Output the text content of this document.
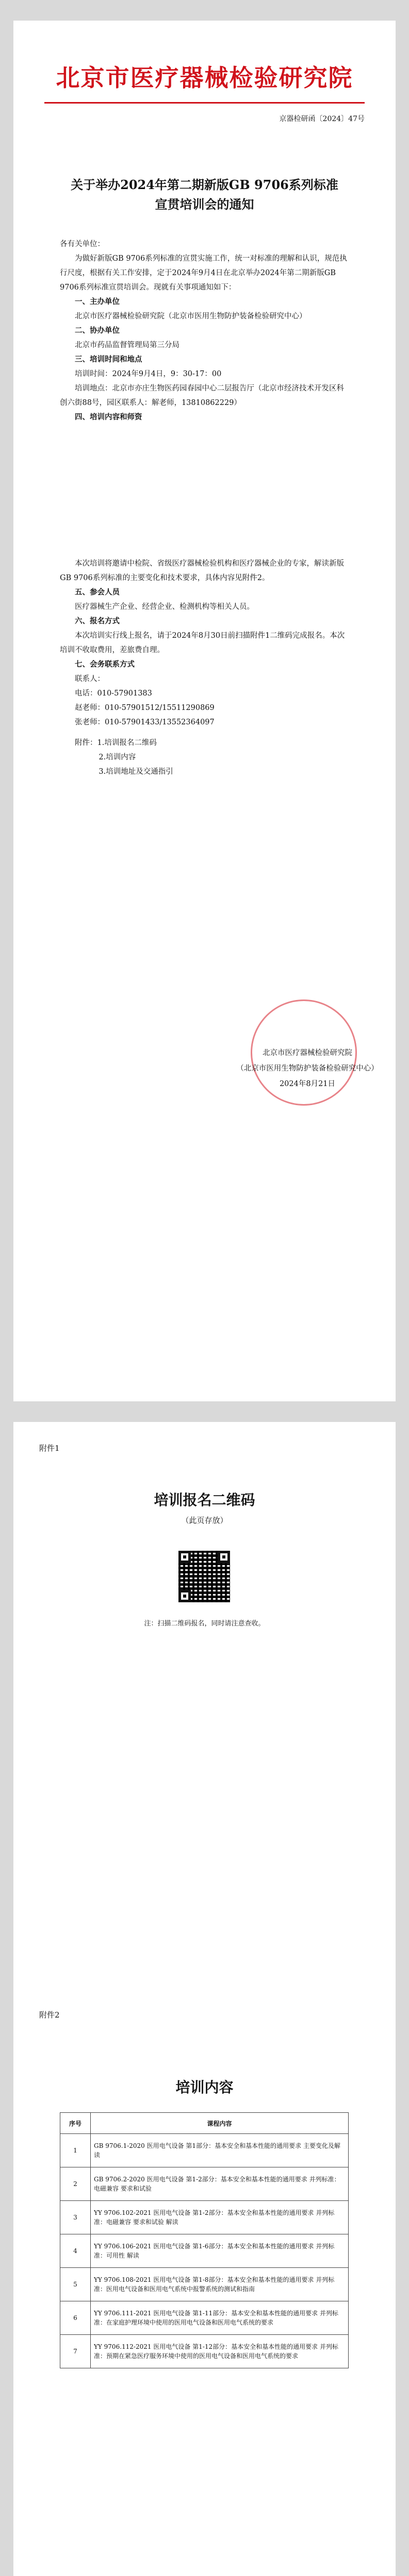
北京市医疗器械检验研究院
京器检研函〔2024〕47号
关于举办2024年第二期新版GB 9706系列标准宣贯培训会的通知

各有关单位：

为做好新版GB 9706系列标准的宣贯实施工作，统一对标准的理解和认识，规范执行尺度，根据有关工作安排，定于2024年9月4日在北京举办2024年第二期新版GB 9706系列标准宣贯培训会。现就有关事项通知如下：

一、主办单位

北京市医疗器械检验研究院（北京市医用生物防护装备检验研究中心）

二、协办单位

北京市药品监督管理局第三分局

三、培训时间和地点

培训时间：2024年9月4日，9：30-17：00

培训地点：北京市亦庄生物医药园春园中心二层报告厅（北京市经济技术开发区科创六街88号，园区联系人：解老师，13810862229）

四、培训内容和师资

本次培训将邀请中检院、省级医疗器械检验机构和医疗器械企业的专家，解读新版GB 9706系列标准的主要变化和技术要求，具体内容见附件2。

五、参会人员

医疗器械生产企业、经营企业、检测机构等相关人员。

六、报名方式

本次培训实行线上报名，请于2024年8月30日前扫描附件1二维码完成报名。本次培训不收取费用，差旅费自理。

七、会务联系方式

联系人：

电话：010-57901383

赵老师：010-57901512/15511290869

张老师：010-57901433/13552364097

附件：1.培训报名二维码

2.培训内容

3.培训地址及交通指引

北京市医疗器械检验研究院
（北京市医用生物防护装备检验研究中心）
2024年8月21日
附件1
培训报名二维码
（此页存放）
注：扫描二维码报名，同时请注意查收。
附件2
培训内容
序号	课程内容
1	GB 9706.1-2020 医用电气设备 第1部分：基本安全和基本性能的通用要求 主要变化及解读
2	GB 9706.2-2020 医用电气设备 第1-2部分：基本安全和基本性能的通用要求 并列标准：电磁兼容 要求和试验
3	YY 9706.102-2021 医用电气设备 第1-2部分：基本安全和基本性能的通用要求 并列标准：电磁兼容 要求和试验 解读
4	YY 9706.106-2021 医用电气设备 第1-6部分：基本安全和基本性能的通用要求 并列标准：可用性 解读
5	YY 9706.108-2021 医用电气设备 第1-8部分：基本安全和基本性能的通用要求 并列标准：医用电气设备和医用电气系统中报警系统的测试和指南
6	YY 9706.111-2021 医用电气设备 第1-11部分：基本安全和基本性能的通用要求 并列标准：在家庭护理环境中使用的医用电气设备和医用电气系统的要求
7	YY 9706.112-2021 医用电气设备 第1-12部分：基本安全和基本性能的通用要求 并列标准：预期在紧急医疗服务环境中使用的医用电气设备和医用电气系统的要求
